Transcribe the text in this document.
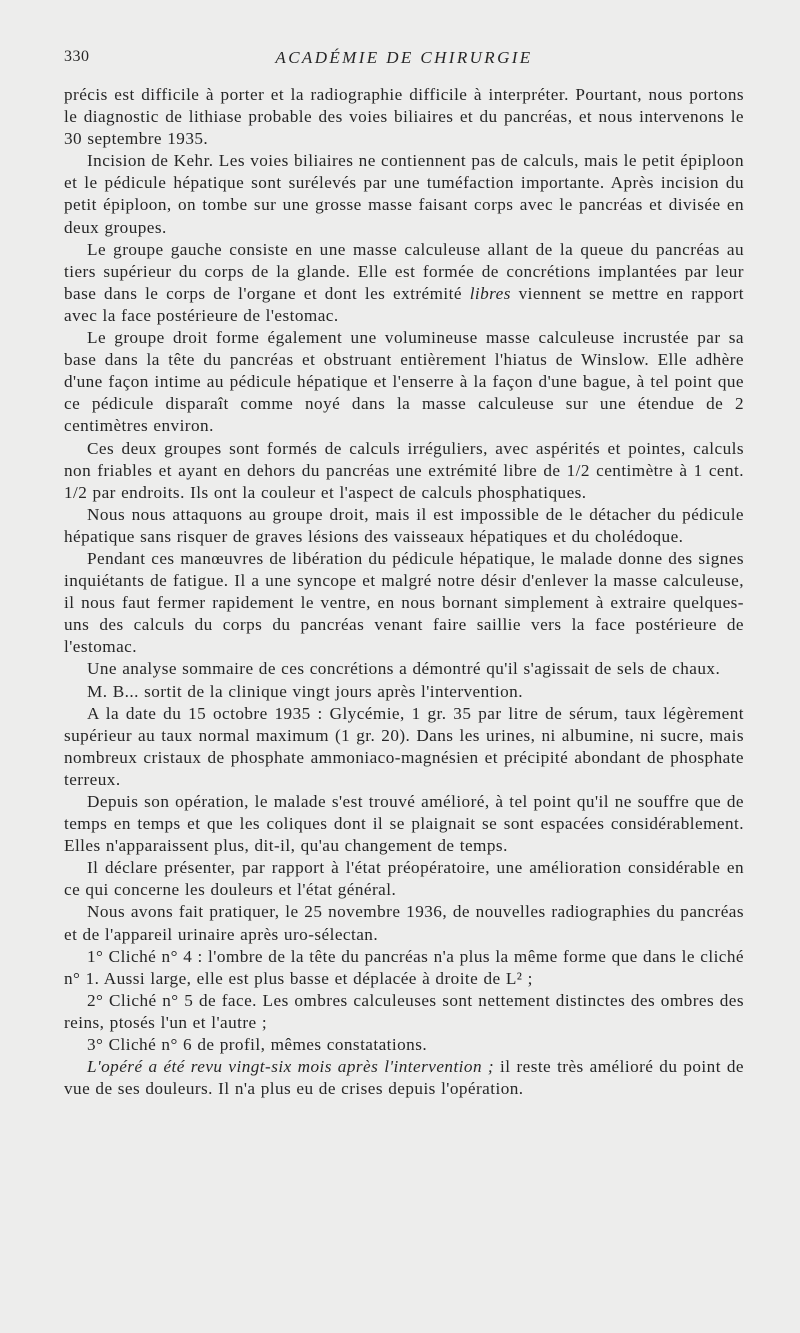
330	ACADÉMIE DE CHIRURGIE

précis est difficile à porter et la radiographie difficile à interpréter. Pourtant, nous portons le diagnostic de lithiase probable des voies biliaires et du pancréas, et nous intervenons le 30 septembre 1935.

Incision de Kehr. Les voies biliaires ne contiennent pas de calculs, mais le petit épiploon et le pédicule hépatique sont surélevés par une tuméfaction importante. Après incision du petit épiploon, on tombe sur une grosse masse faisant corps avec le pancréas et divisée en deux groupes.

Le groupe gauche consiste en une masse calculeuse allant de la queue du pancréas au tiers supérieur du corps de la glande. Elle est formée de concrétions implantées par leur base dans le corps de l'organe et dont les extrémité libres viennent se mettre en rapport avec la face postérieure de l'estomac.

Le groupe droit forme également une volumineuse masse calculeuse incrustée par sa base dans la tête du pancréas et obstruant entièrement l'hiatus de Winslow. Elle adhère d'une façon intime au pédicule hépatique et l'enserre à la façon d'une bague, à tel point que ce pédicule disparaît comme noyé dans la masse calculeuse sur une étendue de 2 centimètres environ.

Ces deux groupes sont formés de calculs irréguliers, avec aspérités et pointes, calculs non friables et ayant en dehors du pancréas une extrémité libre de 1/2 centimètre à 1 cent. 1/2 par endroits. Ils ont la couleur et l'aspect de calculs phosphatiques.

Nous nous attaquons au groupe droit, mais il est impossible de le détacher du pédicule hépatique sans risquer de graves lésions des vaisseaux hépatiques et du cholédoque.

Pendant ces manœuvres de libération du pédicule hépatique, le malade donne des signes inquiétants de fatigue. Il a une syncope et malgré notre désir d'enlever la masse calculeuse, il nous faut fermer rapidement le ventre, en nous bornant simplement à extraire quelques-uns des calculs du corps du pancréas venant faire saillie vers la face postérieure de l'estomac.

Une analyse sommaire de ces concrétions a démontré qu'il s'agissait de sels de chaux.

M. B... sortit de la clinique vingt jours après l'intervention.

A la date du 15 octobre 1935 : Glycémie, 1 gr. 35 par litre de sérum, taux légèrement supérieur au taux normal maximum (1 gr. 20). Dans les urines, ni albumine, ni sucre, mais nombreux cristaux de phosphate ammoniaco-magnésien et précipité abondant de phosphate terreux.

Depuis son opération, le malade s'est trouvé amélioré, à tel point qu'il ne souffre que de temps en temps et que les coliques dont il se plaignait se sont espacées considérablement. Elles n'apparaissent plus, dit-il, qu'au changement de temps.

Il déclare présenter, par rapport à l'état préopératoire, une amélioration considérable en ce qui concerne les douleurs et l'état général.

Nous avons fait pratiquer, le 25 novembre 1936, de nouvelles radiographies du pancréas et de l'appareil urinaire après uro-sélectan.

1° Cliché n° 4 : l'ombre de la tête du pancréas n'a plus la même forme que dans le cliché n° 1. Aussi large, elle est plus basse et déplacée à droite de L² ;

2° Cliché n° 5 de face. Les ombres calculeuses sont nettement distinctes des ombres des reins, ptosés l'un et l'autre ;

3° Cliché n° 6 de profil, mêmes constatations.

L'opéré a été revu vingt-six mois après l'intervention ; il reste très amélioré du point de vue de ses douleurs. Il n'a plus eu de crises depuis l'opération.
